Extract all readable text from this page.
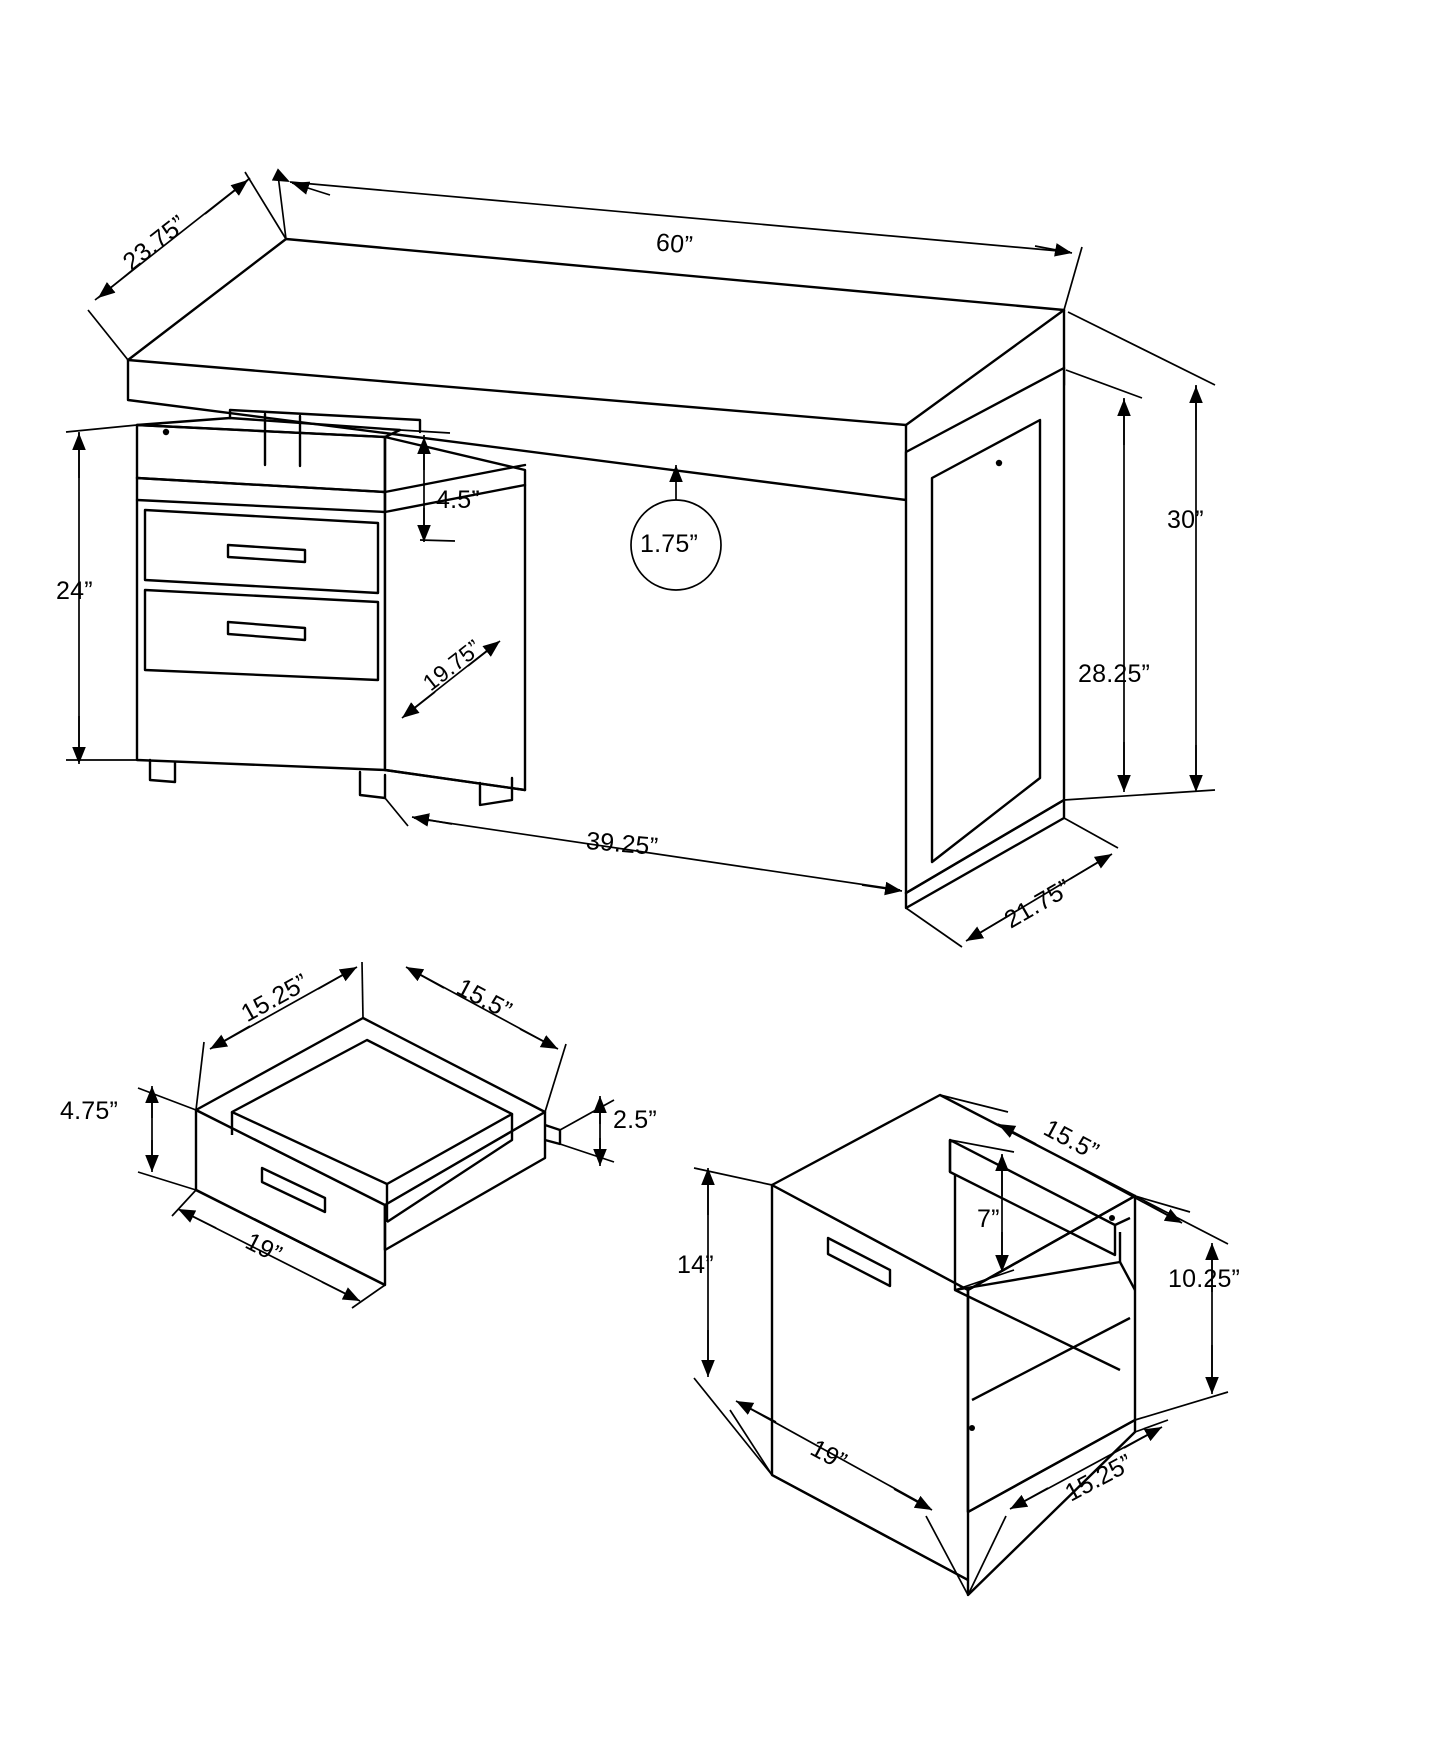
60”
23.75”
1.75”
30”
28.25”
21.75”
24”
4.5”
19.75”
39.25”
15.25”	15.5”
4.75”	2.5”
19”
15.5”
7”
14”	10.25”
19”	15.25”
